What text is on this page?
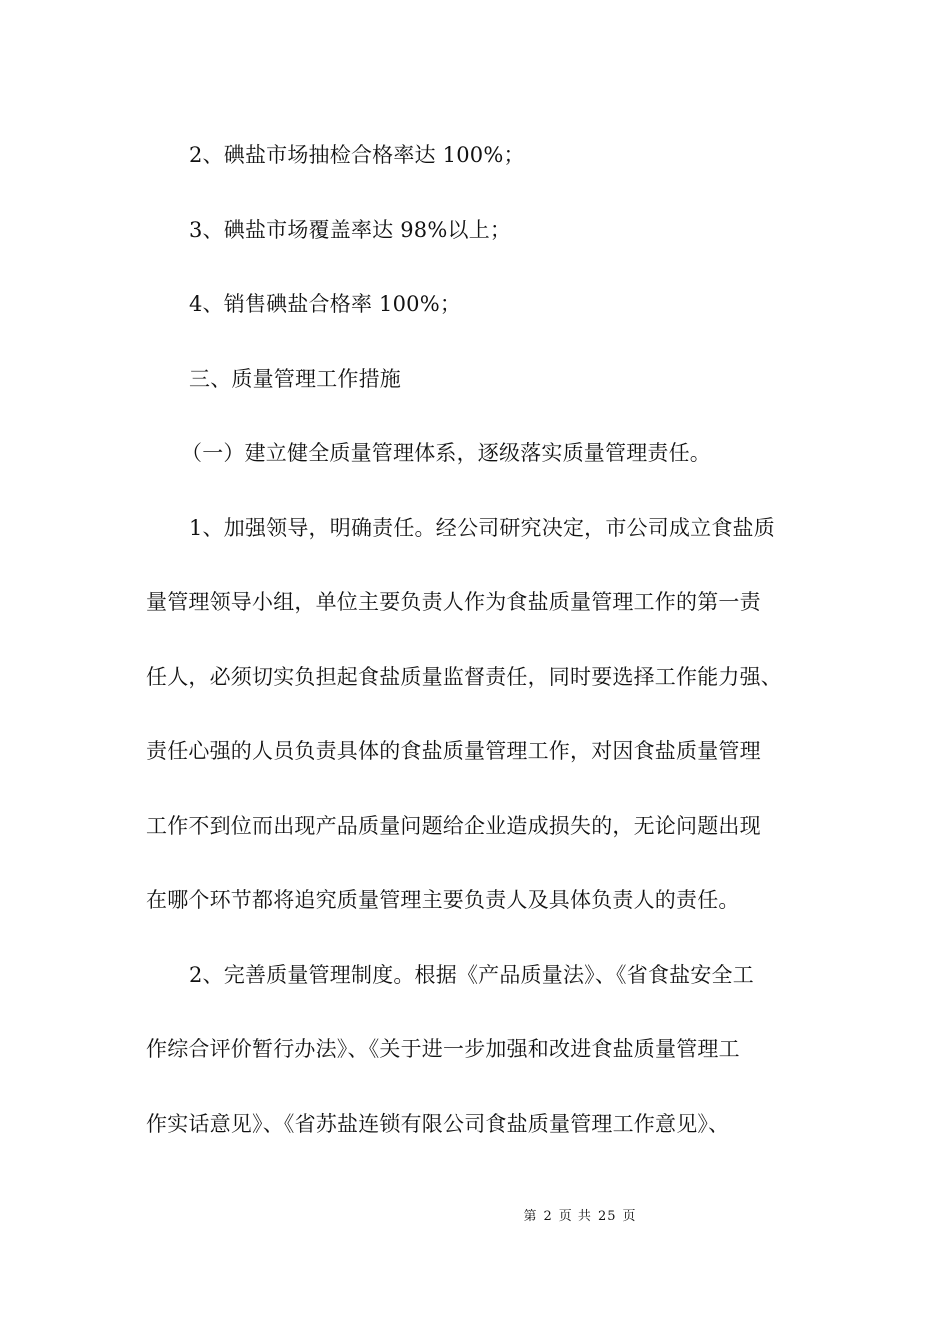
2、碘盐市场抽检合格率达 100%；
3、碘盐市场覆盖率达 98%以上；
4、销售碘盐合格率 100%；
三、质量管理工作措施
（一）建立健全质量管理体系，逐级落实质量管理责任。
1、加强领导，明确责任。经公司研究决定，市公司成立食盐质
量管理领导小组，单位主要负责人作为食盐质量管理工作的第一责
任人，必须切实负担起食盐质量监督责任，同时要选择工作能力强、
责任心强的人员负责具体的食盐质量管理工作，对因食盐质量管理
工作不到位而出现产品质量问题给企业造成损失的，无论问题出现
在哪个环节都将追究质量管理主要负责人及具体负责人的责任。
2、完善质量管理制度。根据《产品质量法》、《省食盐安全工
作综合评价暂行办法》、《关于进一步加强和改进食盐质量管理工
作实话意见》、《省苏盐连锁有限公司食盐质量管理工作意见》、
第 2 页 共 25 页
